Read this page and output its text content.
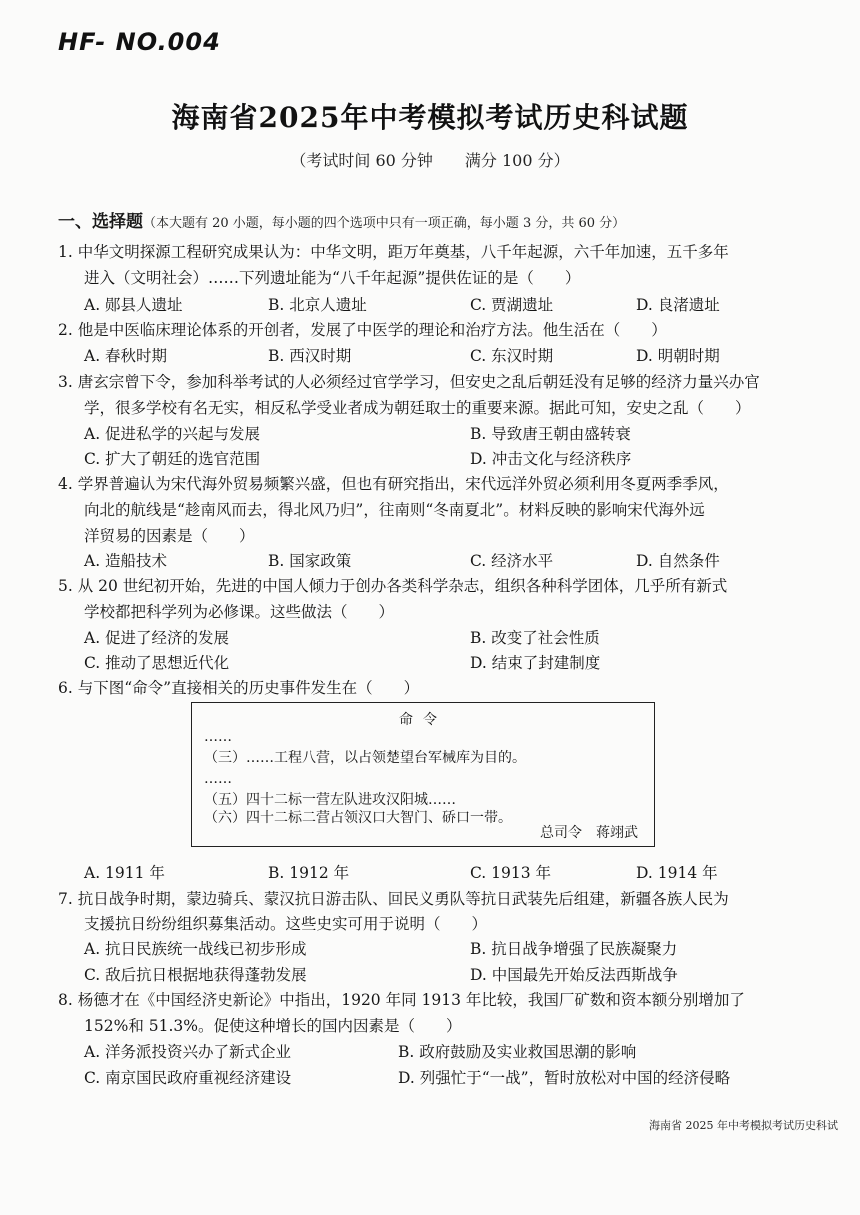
HF- NO.004
海南省2025年中考模拟考试历史科试题
（考试时间 60 分钟　　满分 100 分）
一、选择题（本大题有 20 小题，每小题的四个选项中只有一项正确，每小题 3 分，共 60 分）
1. 中华文明探源工程研究成果认为：中华文明，距万年奠基，八千年起源，六千年加速，五千多年
进入（文明社会）……下列遗址能为“八千年起源”提供佐证的是（　　）
A. 郧县人遗址	B. 北京人遗址	C. 贾湖遗址	D. 良渚遗址
2. 他是中医临床理论体系的开创者，发展了中医学的理论和治疗方法。他生活在（　　）
A. 春秋时期	B. 西汉时期	C. 东汉时期	D. 明朝时期
3. 唐玄宗曾下令，参加科举考试的人必须经过官学学习，但安史之乱后朝廷没有足够的经济力量兴办官
学，很多学校有名无实，相反私学受业者成为朝廷取士的重要来源。据此可知，安史之乱（　　）
A. 促进私学的兴起与发展	B. 导致唐王朝由盛转衰
C. 扩大了朝廷的选官范围	D. 冲击文化与经济秩序
4. 学界普遍认为宋代海外贸易频繁兴盛，但也有研究指出，宋代远洋外贸必须利用冬夏两季季风，
向北的航线是“趁南风而去，得北风乃归”，往南则“冬南夏北”。材料反映的影响宋代海外远
洋贸易的因素是（　　）
A. 造船技术	B. 国家政策	C. 经济水平	D. 自然条件
5. 从 20 世纪初开始，先进的中国人倾力于创办各类科学杂志，组织各种科学团体，几乎所有新式
学校都把科学列为必修课。这些做法（　　）
A. 促进了经济的发展	B. 改变了社会性质
C. 推动了思想近代化	D. 结束了封建制度
6. 与下图“命令”直接相关的历史事件发生在（　　）
命令
……
（三）……工程八营，以占领楚望台军械库为目的。
……
（五）四十二标一营左队进攻汉阳城……
（六）四十二标二营占领汉口大智门、硚口一带。
总司令　蒋翊武
A. 1911 年	B. 1912 年	C. 1913 年	D. 1914 年
7. 抗日战争时期，蒙边骑兵、蒙汉抗日游击队、回民义勇队等抗日武装先后组建，新疆各族人民为
支援抗日纷纷组织募集活动。这些史实可用于说明（　　）
A. 抗日民族统一战线已初步形成	B. 抗日战争增强了民族凝聚力
C. 敌后抗日根据地获得蓬勃发展	D. 中国最先开始反法西斯战争
8. 杨德才在《中国经济史新论》中指出，1920 年同 1913 年比较，我国厂矿数和资本额分别增加了
152%和 51.3%。促使这种增长的国内因素是（　　）
A. 洋务派投资兴办了新式企业	B. 政府鼓励及实业救国思潮的影响
C. 南京国民政府重视经济建设	D. 列强忙于“一战”，暂时放松对中国的经济侵略
海南省 2025 年中考模拟考试历史科试
